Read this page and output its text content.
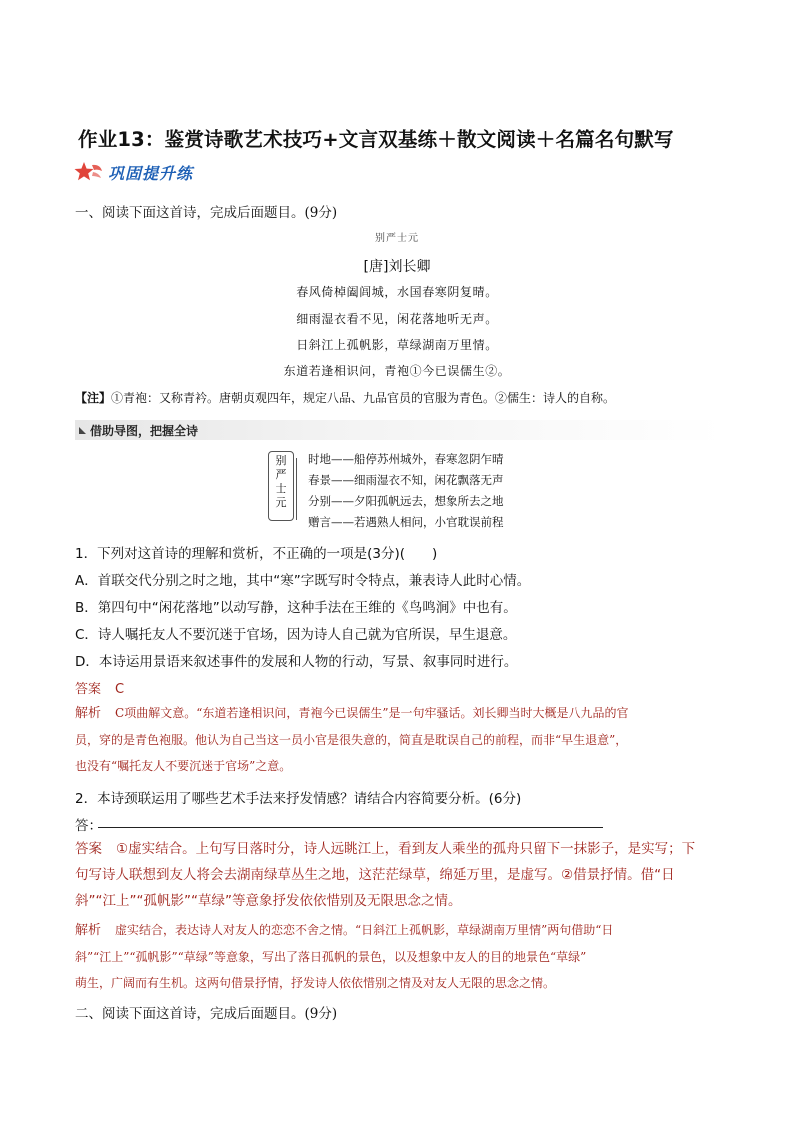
作业13：鉴赏诗歌艺术技巧+文言双基练＋散文阅读＋名篇名句默写
巩固提升练
一、阅读下面这首诗，完成后面题目。(9分)
别严士元
[唐]刘长卿
春风倚棹阖闾城，水国春寒阴复晴。
细雨湿衣看不见，闲花落地听无声。
日斜江上孤帆影，草绿湖南万里情。
东道若逢相识问，青袍①今已误儒生②。
【注】①青袍：又称青衿。唐朝贞观四年，规定八品、九品官员的官服为青色。②儒生：诗人的自称。
借助导图，把握全诗
别
严
士
元
时地——船停苏州城外，春寒忽阴乍晴
春景——细雨湿衣不知，闲花飘落无声
分别——夕阳孤帆远去，想象所去之地
赠言——若遇熟人相问，小官耽误前程
1．下列对这首诗的理解和赏析，不正确的一项是(3分)(　　)
A．首联交代分别之时之地，其中“寒”字既写时令特点，兼表诗人此时心情。
B．第四句中“闲花落地”以动写静，这种手法在王维的《鸟鸣涧》中也有。
C．诗人嘱托友人不要沉迷于官场，因为诗人自己就为官所误，早生退意。
D．本诗运用景语来叙述事件的发展和人物的行动，写景、叙事同时进行。
答案 C
解析 C项曲解文意。“东道若逢相识问，青袍今已误儒生”是一句牢骚话。刘长卿当时大概是八九品的官
员，穿的是青色袍服。他认为自己当这一员小官是很失意的，简直是耽误自己的前程，而非“早生退意”，
也没有“嘱托友人不要沉迷于官场”之意。
2．本诗颈联运用了哪些艺术手法来抒发情感？请结合内容简要分析。(6分)
答：
答案 ①虚实结合。上句写日落时分，诗人远眺江上，看到友人乘坐的孤舟只留下一抹影子，是实写；下
句写诗人联想到友人将会去湖南绿草丛生之地，这茫茫绿草，绵延万里，是虚写。②借景抒情。借“日
斜”“江上”“孤帆影”“草绿”等意象抒发依依惜别及无限思念之情。
解析 虚实结合，表达诗人对友人的恋恋不舍之情。“日斜江上孤帆影，草绿湖南万里情”两句借助“日
斜”“江上”“孤帆影”“草绿”等意象，写出了落日孤帆的景色，以及想象中友人的目的地景色“草绿”
萌生，广阔而有生机。这两句借景抒情，抒发诗人依依惜别之情及对友人无限的思念之情。
二、阅读下面这首诗，完成后面题目。(9分)
